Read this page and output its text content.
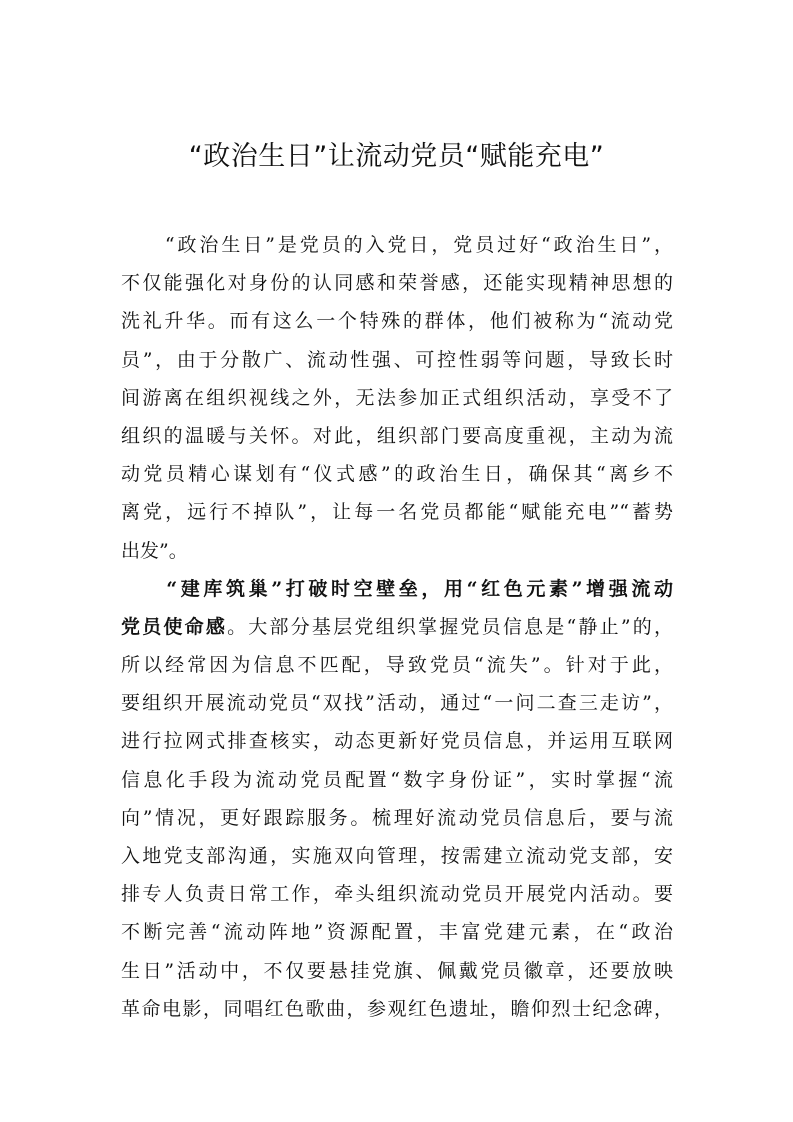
“政治生日”让流动党员“赋能充电”
　　“政治生日”是党员的入党日，党员过好“政治生日”，
不仅能强化对身份的认同感和荣誉感，还能实现精神思想的
洗礼升华。而有这么一个特殊的群体，他们被称为“流动党
员”，由于分散广、流动性强、可控性弱等问题，导致长时
间游离在组织视线之外，无法参加正式组织活动，享受不了
组织的温暖与关怀。对此，组织部门要高度重视，主动为流
动党员精心谋划有“仪式感”的政治生日，确保其“离乡不
离党，远行不掉队”，让每一名党员都能“赋能充电”“蓄势
出发”。
　　“建库筑巢”打破时空壁垒，用“红色元素”增强流动
党员使命感。大部分基层党组织掌握党员信息是“静止”的，
所以经常因为信息不匹配，导致党员“流失”。针对于此，
要组织开展流动党员“双找”活动，通过“一问二查三走访”，
进行拉网式排查核实，动态更新好党员信息，并运用互联网
信息化手段为流动党员配置“数字身份证”，实时掌握“流
向”情况，更好跟踪服务。梳理好流动党员信息后，要与流
入地党支部沟通，实施双向管理，按需建立流动党支部，安
排专人负责日常工作，牵头组织流动党员开展党内活动。要
不断完善“流动阵地”资源配置，丰富党建元素，在“政治
生日”活动中，不仅要悬挂党旗、佩戴党员徽章，还要放映
革命电影，同唱红色歌曲，参观红色遗址，瞻仰烈士纪念碑，
